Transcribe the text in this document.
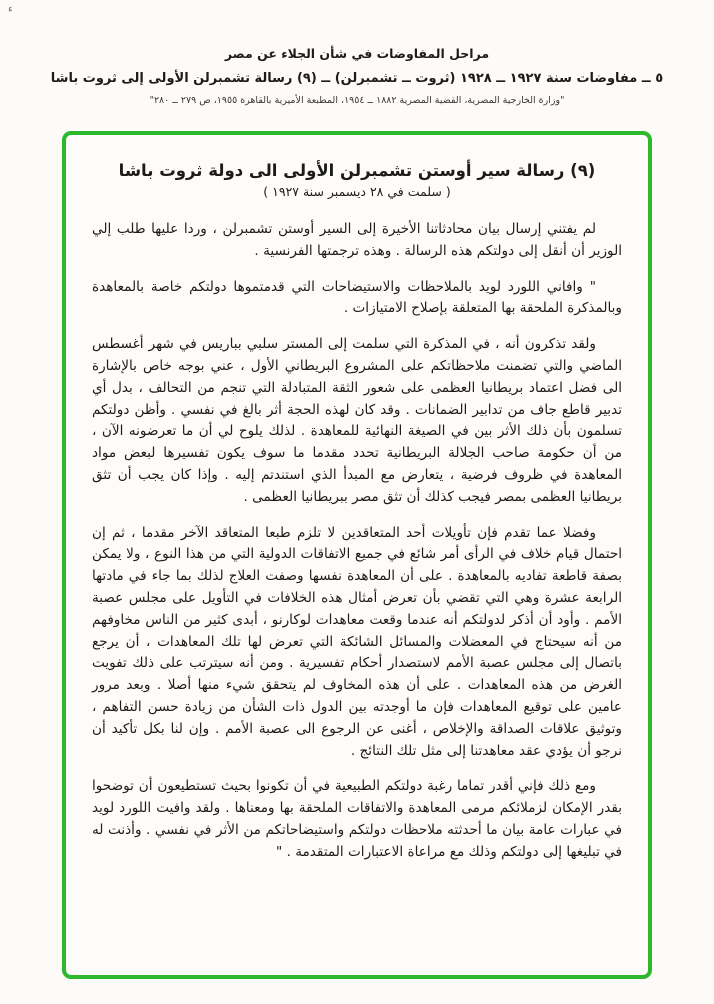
ء
مراحل المفاوضات في شأن الجلاء عن مصر
٥ ــ مفاوضات سنة ١٩٢٧ ــ ١٩٢٨ (ثروت ــ تشمبرلن) ــ (٩) رسالة تشمبرلن الأولى إلى ثروت باشا
"وزارة الخارجية المصرية، القضية المصرية ١٨٨٢ ــ ١٩٥٤، المطبعة الأميرية بالقاهرة ١٩٥٥، ص ٢٧٩ ــ ٢٨٠"
(٩) رسالة سير أوستن تشمبرلن الأولى الى دولة ثروت باشا
( سلمت في ٢٨ ديسمبر سنة ١٩٢٧ )

لم يفتني إرسال بيان محادثاتنا الأخيرة إلى السير أوستن تشمبرلن ، وردا عليها طلب إلي الوزير أن أنقل إلى دولتكم هذه الرسالة . وهذه ترجمتها الفرنسية .

" وافاني اللورد لويد بالملاحظات والاستيضاحات التي قدمتموها دولتكم خاصة بالمعاهدة وبالمذكرة الملحقة بها المتعلقة بإصلاح الامتيازات .

ولقد تذكرون أنه ، في المذكرة التي سلمت إلى المستر سلبي بباريس في شهر أغسطس الماضي والتي تضمنت ملاحظاتكم على المشروع البريطاني الأول ، عني بوجه خاص بالإشارة الى فضل اعتماد بريطانيا العظمى على شعور الثقة المتبادلة التي تنجم من التحالف ، بدل أي تدبير قاطع جاف من تدابير الضمانات . وقد كان لهذه الحجة أثر بالغ في نفسي . وأظن دولتكم تسلمون بأن ذلك الأثر بين في الصيغة النهائية للمعاهدة . لذلك يلوح لي أن ما تعرضونه الآن ، من أن حكومة صاحب الجلالة البريطانية تحدد مقدما ما سوف يكون تفسيرها لبعض مواد المعاهدة في ظروف فرضية ، يتعارض مع المبدأ الذي استندتم إليه . وإذا كان يجب أن تثق بريطانيا العظمى بمصر فيجب كذلك أن تثق مصر ببريطانيا العظمى .

وفضلا عما تقدم فإن تأويلات أحد المتعاقدين لا تلزم طبعا المتعاقد الآخر مقدما ، ثم إن احتمال قيام خلاف في الرأى أمر شائع في جميع الاتفاقات الدولية التي من هذا النوع ، ولا يمكن بصفة قاطعة تفاديه بالمعاهدة . على أن المعاهدة نفسها وصفت العلاج لذلك بما جاء في مادتها الرابعة عشرة وهي التي تقضي بأن تعرض أمثال هذه الخلافات في التأويل على مجلس عصبة الأمم . وأود أن أذكر لدولتكم أنه عندما وقعت معاهدات لوكارنو ، أبدى كثير من الناس مخاوفهم من أنه سيحتاج في المعضلات والمسائل الشائكة التي تعرض لها تلك المعاهدات ، أن يرجع باتصال إلى مجلس عصبة الأمم لاستصدار أحكام تفسيرية . ومن أنه سيترتب على ذلك تفويت الغرض من هذه المعاهدات . على أن هذه المخاوف لم يتحقق شيء منها أصلا . وبعد مرور عامين على توقيع المعاهدات فإن ما أوجدته بين الدول ذات الشأن من زيادة حسن التفاهم ، وتوثيق علاقات الصداقة والإخلاص ، أغنى عن الرجوع الى عصبة الأمم . وإن لنا بكل تأكيد أن نرجو أن يؤدي عقد معاهدتنا إلى مثل تلك النتائج .

ومع ذلك فإني أقدر تماما رغبة دولتكم الطبيعية في أن تكونوا بحيث تستطيعون أن توضحوا بقدر الإمكان لزملائكم مرمى المعاهدة والاتفاقات الملحقة بها ومعناها . ولقد وافيت اللورد لويد في عبارات عامة بيان ما أحدثته ملاحظات دولتكم واستيضاحاتكم من الأثر في نفسي . وأذنت له في تبليغها إلى دولتكم وذلك مع مراعاة الاعتبارات المتقدمة . "
